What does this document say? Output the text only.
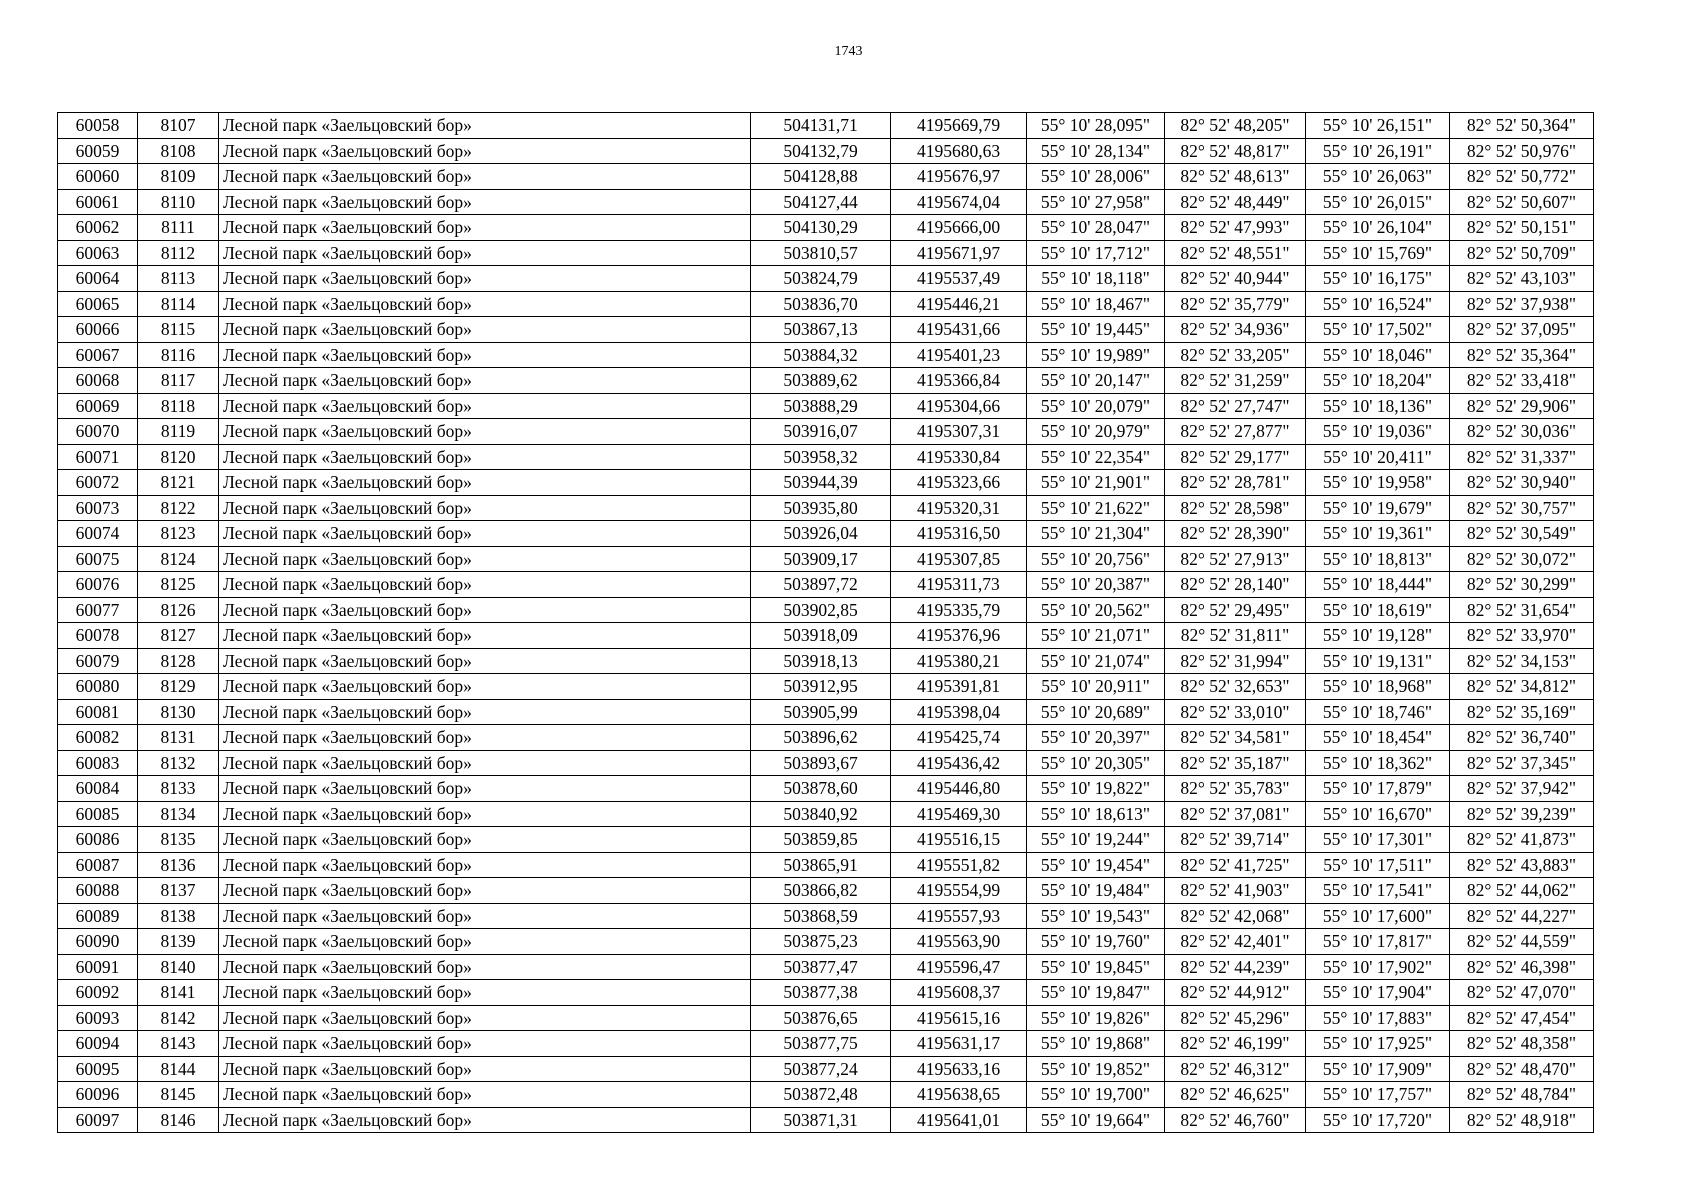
1743
60058	8107	Лесной парк «Заельцовский бор»	504131,71	4195669,79	55° 10' 28,095"	82° 52' 48,205"	55° 10' 26,151"	82° 52' 50,364"
60059	8108	Лесной парк «Заельцовский бор»	504132,79	4195680,63	55° 10' 28,134"	82° 52' 48,817"	55° 10' 26,191"	82° 52' 50,976"
60060	8109	Лесной парк «Заельцовский бор»	504128,88	4195676,97	55° 10' 28,006"	82° 52' 48,613"	55° 10' 26,063"	82° 52' 50,772"
60061	8110	Лесной парк «Заельцовский бор»	504127,44	4195674,04	55° 10' 27,958"	82° 52' 48,449"	55° 10' 26,015"	82° 52' 50,607"
60062	8111	Лесной парк «Заельцовский бор»	504130,29	4195666,00	55° 10' 28,047"	82° 52' 47,993"	55° 10' 26,104"	82° 52' 50,151"
60063	8112	Лесной парк «Заельцовский бор»	503810,57	4195671,97	55° 10' 17,712"	82° 52' 48,551"	55° 10' 15,769"	82° 52' 50,709"
60064	8113	Лесной парк «Заельцовский бор»	503824,79	4195537,49	55° 10' 18,118"	82° 52' 40,944"	55° 10' 16,175"	82° 52' 43,103"
60065	8114	Лесной парк «Заельцовский бор»	503836,70	4195446,21	55° 10' 18,467"	82° 52' 35,779"	55° 10' 16,524"	82° 52' 37,938"
60066	8115	Лесной парк «Заельцовский бор»	503867,13	4195431,66	55° 10' 19,445"	82° 52' 34,936"	55° 10' 17,502"	82° 52' 37,095"
60067	8116	Лесной парк «Заельцовский бор»	503884,32	4195401,23	55° 10' 19,989"	82° 52' 33,205"	55° 10' 18,046"	82° 52' 35,364"
60068	8117	Лесной парк «Заельцовский бор»	503889,62	4195366,84	55° 10' 20,147"	82° 52' 31,259"	55° 10' 18,204"	82° 52' 33,418"
60069	8118	Лесной парк «Заельцовский бор»	503888,29	4195304,66	55° 10' 20,079"	82° 52' 27,747"	55° 10' 18,136"	82° 52' 29,906"
60070	8119	Лесной парк «Заельцовский бор»	503916,07	4195307,31	55° 10' 20,979"	82° 52' 27,877"	55° 10' 19,036"	82° 52' 30,036"
60071	8120	Лесной парк «Заельцовский бор»	503958,32	4195330,84	55° 10' 22,354"	82° 52' 29,177"	55° 10' 20,411"	82° 52' 31,337"
60072	8121	Лесной парк «Заельцовский бор»	503944,39	4195323,66	55° 10' 21,901"	82° 52' 28,781"	55° 10' 19,958"	82° 52' 30,940"
60073	8122	Лесной парк «Заельцовский бор»	503935,80	4195320,31	55° 10' 21,622"	82° 52' 28,598"	55° 10' 19,679"	82° 52' 30,757"
60074	8123	Лесной парк «Заельцовский бор»	503926,04	4195316,50	55° 10' 21,304"	82° 52' 28,390"	55° 10' 19,361"	82° 52' 30,549"
60075	8124	Лесной парк «Заельцовский бор»	503909,17	4195307,85	55° 10' 20,756"	82° 52' 27,913"	55° 10' 18,813"	82° 52' 30,072"
60076	8125	Лесной парк «Заельцовский бор»	503897,72	4195311,73	55° 10' 20,387"	82° 52' 28,140"	55° 10' 18,444"	82° 52' 30,299"
60077	8126	Лесной парк «Заельцовский бор»	503902,85	4195335,79	55° 10' 20,562"	82° 52' 29,495"	55° 10' 18,619"	82° 52' 31,654"
60078	8127	Лесной парк «Заельцовский бор»	503918,09	4195376,96	55° 10' 21,071"	82° 52' 31,811"	55° 10' 19,128"	82° 52' 33,970"
60079	8128	Лесной парк «Заельцовский бор»	503918,13	4195380,21	55° 10' 21,074"	82° 52' 31,994"	55° 10' 19,131"	82° 52' 34,153"
60080	8129	Лесной парк «Заельцовский бор»	503912,95	4195391,81	55° 10' 20,911"	82° 52' 32,653"	55° 10' 18,968"	82° 52' 34,812"
60081	8130	Лесной парк «Заельцовский бор»	503905,99	4195398,04	55° 10' 20,689"	82° 52' 33,010"	55° 10' 18,746"	82° 52' 35,169"
60082	8131	Лесной парк «Заельцовский бор»	503896,62	4195425,74	55° 10' 20,397"	82° 52' 34,581"	55° 10' 18,454"	82° 52' 36,740"
60083	8132	Лесной парк «Заельцовский бор»	503893,67	4195436,42	55° 10' 20,305"	82° 52' 35,187"	55° 10' 18,362"	82° 52' 37,345"
60084	8133	Лесной парк «Заельцовский бор»	503878,60	4195446,80	55° 10' 19,822"	82° 52' 35,783"	55° 10' 17,879"	82° 52' 37,942"
60085	8134	Лесной парк «Заельцовский бор»	503840,92	4195469,30	55° 10' 18,613"	82° 52' 37,081"	55° 10' 16,670"	82° 52' 39,239"
60086	8135	Лесной парк «Заельцовский бор»	503859,85	4195516,15	55° 10' 19,244"	82° 52' 39,714"	55° 10' 17,301"	82° 52' 41,873"
60087	8136	Лесной парк «Заельцовский бор»	503865,91	4195551,82	55° 10' 19,454"	82° 52' 41,725"	55° 10' 17,511"	82° 52' 43,883"
60088	8137	Лесной парк «Заельцовский бор»	503866,82	4195554,99	55° 10' 19,484"	82° 52' 41,903"	55° 10' 17,541"	82° 52' 44,062"
60089	8138	Лесной парк «Заельцовский бор»	503868,59	4195557,93	55° 10' 19,543"	82° 52' 42,068"	55° 10' 17,600"	82° 52' 44,227"
60090	8139	Лесной парк «Заельцовский бор»	503875,23	4195563,90	55° 10' 19,760"	82° 52' 42,401"	55° 10' 17,817"	82° 52' 44,559"
60091	8140	Лесной парк «Заельцовский бор»	503877,47	4195596,47	55° 10' 19,845"	82° 52' 44,239"	55° 10' 17,902"	82° 52' 46,398"
60092	8141	Лесной парк «Заельцовский бор»	503877,38	4195608,37	55° 10' 19,847"	82° 52' 44,912"	55° 10' 17,904"	82° 52' 47,070"
60093	8142	Лесной парк «Заельцовский бор»	503876,65	4195615,16	55° 10' 19,826"	82° 52' 45,296"	55° 10' 17,883"	82° 52' 47,454"
60094	8143	Лесной парк «Заельцовский бор»	503877,75	4195631,17	55° 10' 19,868"	82° 52' 46,199"	55° 10' 17,925"	82° 52' 48,358"
60095	8144	Лесной парк «Заельцовский бор»	503877,24	4195633,16	55° 10' 19,852"	82° 52' 46,312"	55° 10' 17,909"	82° 52' 48,470"
60096	8145	Лесной парк «Заельцовский бор»	503872,48	4195638,65	55° 10' 19,700"	82° 52' 46,625"	55° 10' 17,757"	82° 52' 48,784"
60097	8146	Лесной парк «Заельцовский бор»	503871,31	4195641,01	55° 10' 19,664"	82° 52' 46,760"	55° 10' 17,720"	82° 52' 48,918"
